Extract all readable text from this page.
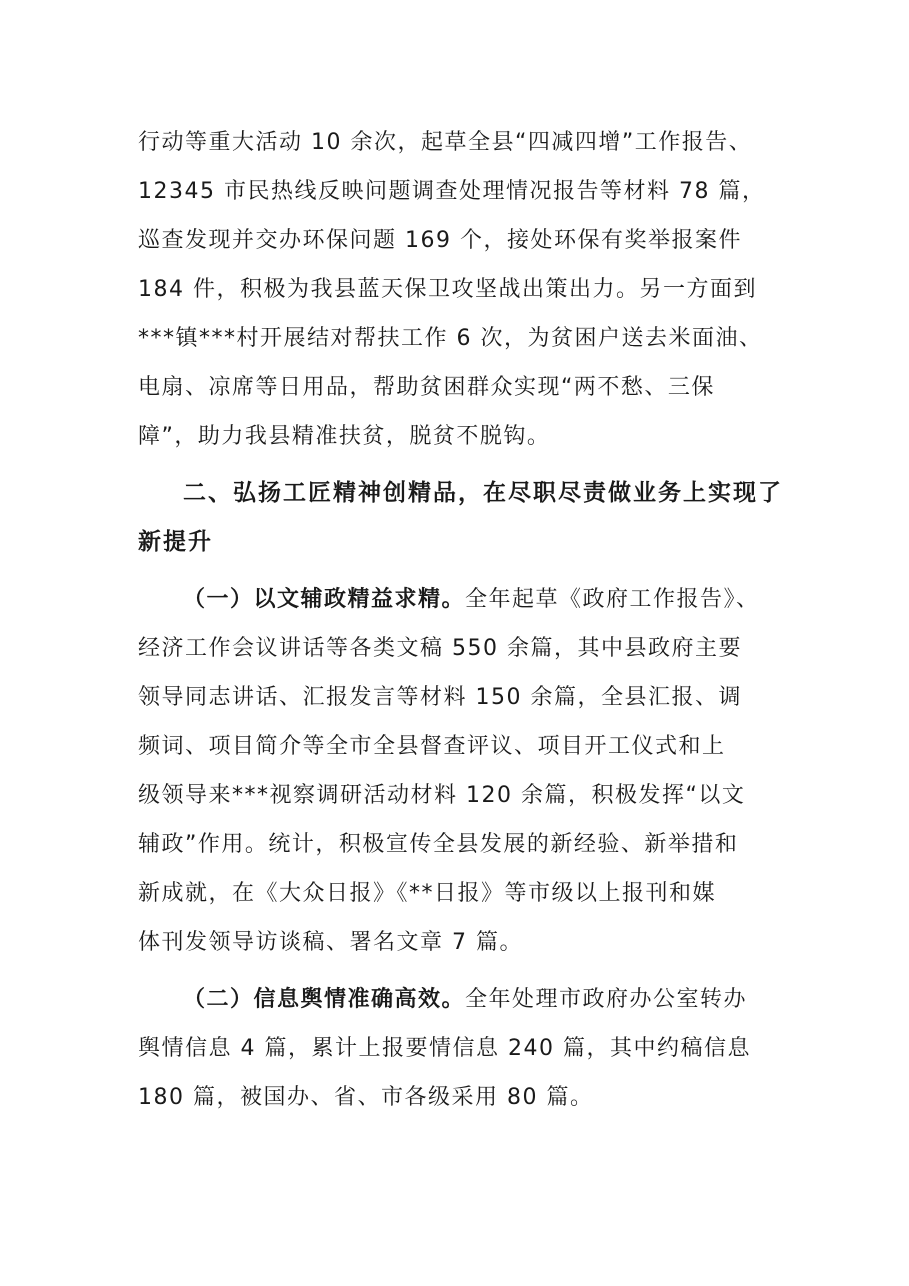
行动等重大活动 10 余次，起草全县“四减四增”工作报告、
12345 市民热线反映问题调查处理情况报告等材料 78 篇，
巡查发现并交办环保问题 169 个，接处环保有奖举报案件
184 件，积极为我县蓝天保卫攻坚战出策出力。另一方面到
***镇***村开展结对帮扶工作 6 次，为贫困户送去米面油、
电扇、凉席等日用品，帮助贫困群众实现“两不愁、三保
障”，助力我县精准扶贫，脱贫不脱钩。
二、弘扬工匠精神创精品，在尽职尽责做业务上实现了
新提升
（一）以文辅政精益求精。全年起草《政府工作报告》、
经济工作会议讲话等各类文稿 550 余篇，其中县政府主要
领导同志讲话、汇报发言等材料 150 余篇，全县汇报、调
频词、项目简介等全市全县督查评议、项目开工仪式和上
级领导来***视察调研活动材料 120 余篇，积极发挥“以文
辅政”作用。统计，积极宣传全县发展的新经验、新举措和
新成就，在《大众日报》《**日报》等市级以上报刊和媒
体刊发领导访谈稿、署名文章 7 篇。
（二）信息舆情准确高效。全年处理市政府办公室转办
舆情信息 4 篇，累计上报要情信息 240 篇，其中约稿信息
180 篇，被国办、省、市各级采用 80 篇。
